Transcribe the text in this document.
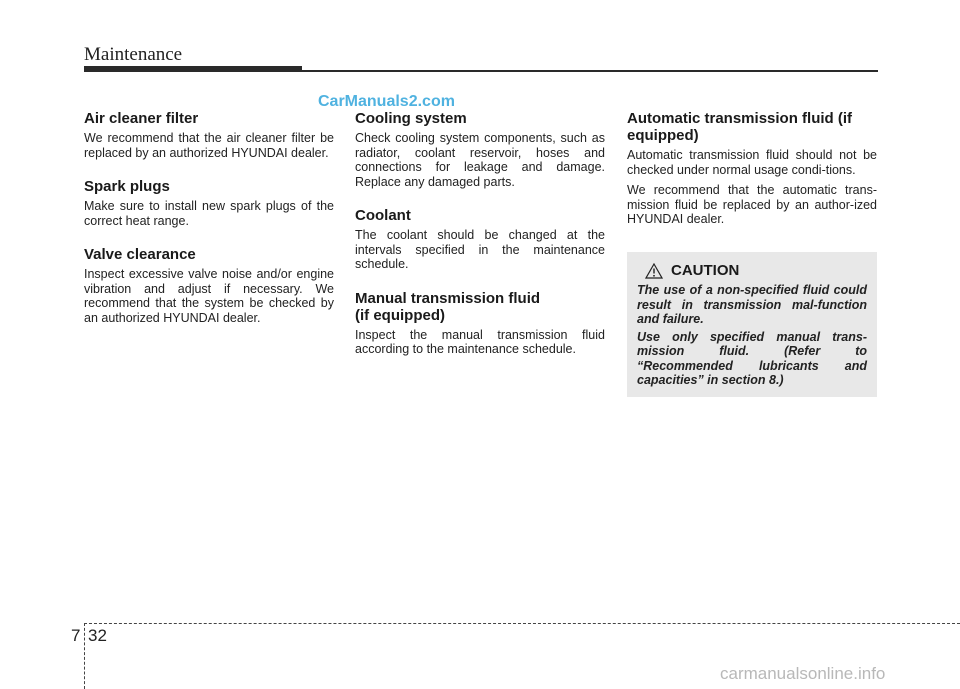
Maintenance
CarManuals2.com
Air cleaner filter

We recommend that the air cleaner filter be replaced by an authorized HYUNDAI dealer.

Spark plugs

Make sure to install new spark plugs of the correct heat range.

Valve clearance

Inspect excessive valve noise and/or engine vibration and adjust if necessary. We recommend that the system be checked by an authorized HYUNDAI dealer.

Cooling system

Check cooling system components, such as radiator, coolant reservoir, hoses and connections for leakage and damage. Replace any damaged parts.

Coolant

The coolant should be changed at the intervals specified in the maintenance schedule.

Manual transmission fluid (if equipped)

Inspect the manual transmission fluid according to the maintenance schedule.

Automatic transmission fluid (if equipped)

Automatic transmission fluid should not be checked under normal usage condi-tions.

We recommend that the automatic trans-mission fluid be replaced by an author-ized HYUNDAI dealer.

CAUTION

The use of a non-specified fluid could result in transmission mal-function and failure.

Use only specified manual trans-mission fluid. (Refer to “Recommended lubricants and capacities” in section 8.)

7 32
carmanualsonline.info
